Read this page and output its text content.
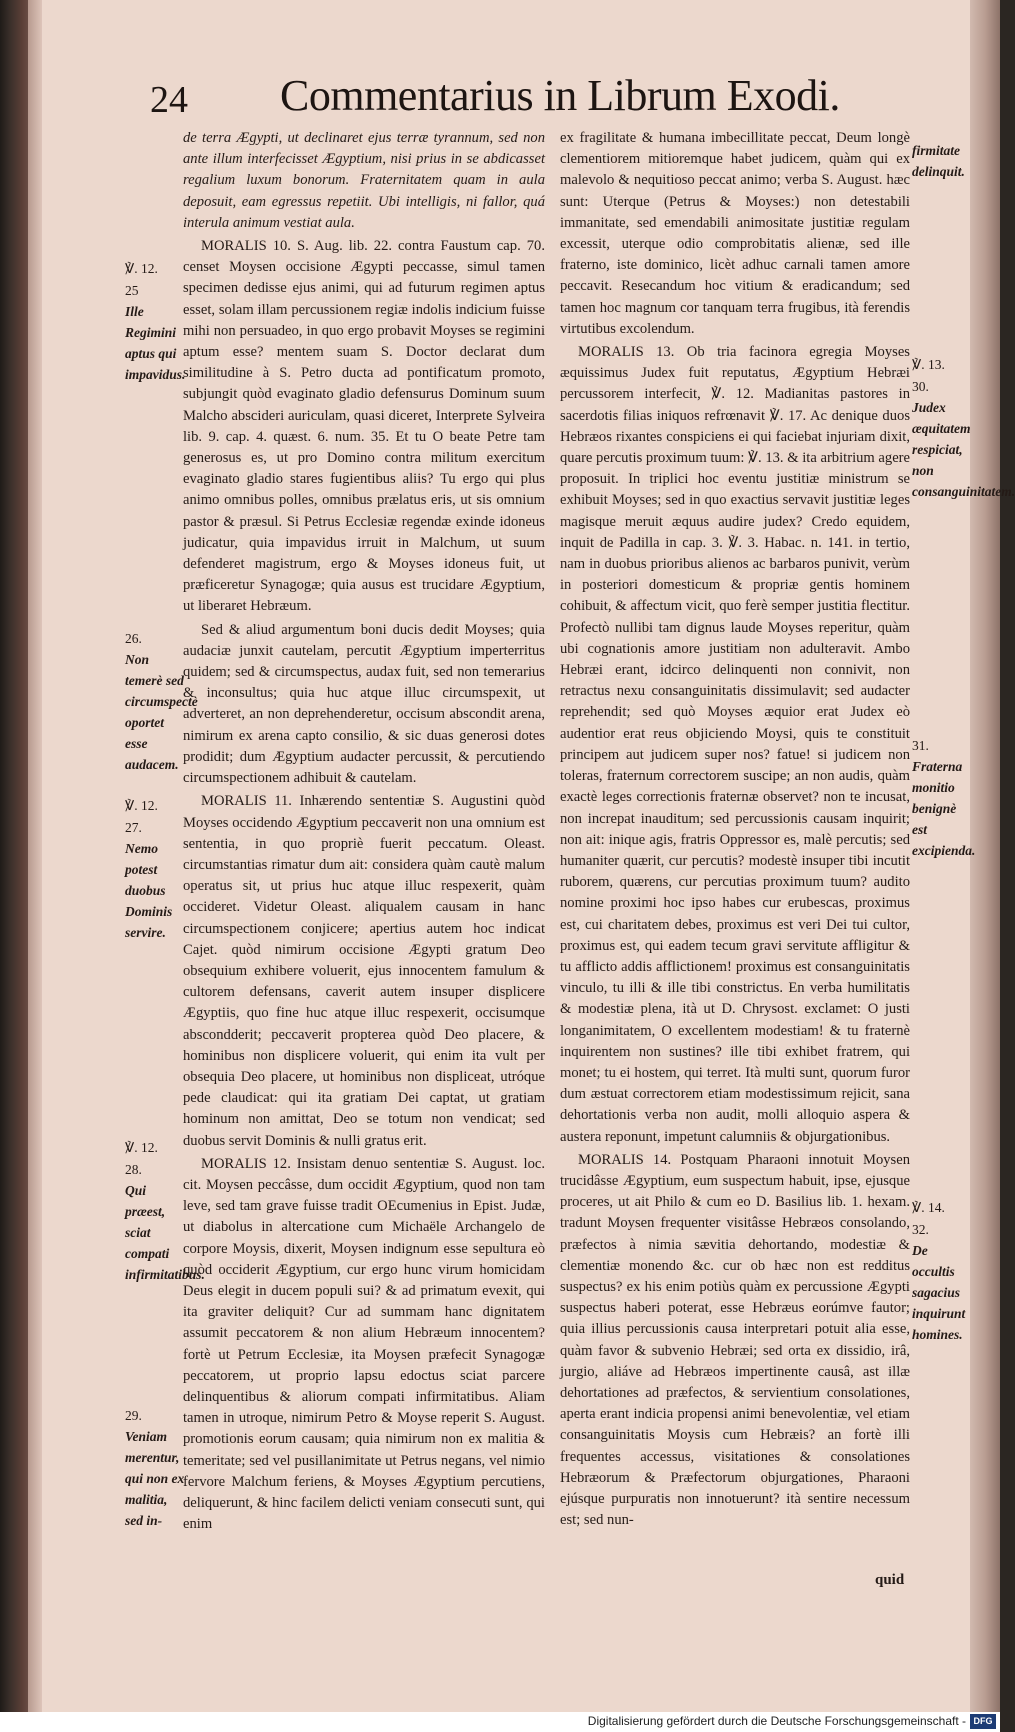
24 Commentarius in Librum Exodi.

de terra Ægypti, ut declinaret ejus terræ tyrannum, sed non ante illum interfecisset Ægyptium, nisi prius in se abdicasset regalium luxum bonorum. Fraternitatem quam in aula deposuit, eam egressus repetiit. Ubi intelligis, ni fallor, quá interula animum vestiat aula.

MORALIS 10. S. Aug. lib. 22. contra Faustum cap. 70. censet Moysen occisione Ægypti peccasse, simul tamen specimen dedisse ejus animi, qui ad futurum regimen aptus esset, solam illam percussionem regiæ indolis indicium fuisse mihi non persuadeo, in quo ergo probavit Moyses se regimini aptum esse? mentem suam S. Doctor declarat dum similitudine à S. Petro ducta ad pontificatum promoto, subjungit quòd evaginato gladio defensurus Dominum suum Malcho abscideri auriculam, quasi diceret, Interprete Sylveira lib. 9. cap. 4. quæst. 6. num. 35. Et tu O beate Petre tam generosus es, ut pro Domino contra militum exercitum evaginato gladio stares fugientibus aliis? Tu ergo qui plus animo omnibus polles, omnibus prælatus eris, ut sis omnium pastor & præsul. Si Petrus Ecclesiæ regendæ exinde idoneus judicatur, quia impavidus irruit in Malchum, ut suum defenderet magistrum, ergo & Moyses idoneus fuit, ut præficeretur Synagogæ; quia ausus est trucidare Ægyptium, ut liberaret Hebræum.

Sed & aliud argumentum boni ducis dedit Moyses; quia audaciæ junxit cautelam, percutit Ægyptium imperterritus quidem; sed & circumspectus, audax fuit, sed non temerarius & inconsultus; quia huc atque illuc circumspexit, ut adverteret, an non deprehenderetur, occisum abscondit arena, nimirum ex arena capto consilio, & sic duas generosi dotes prodidit; dum Ægyptium audacter percussit, & percutiendo circumspectionem adhibuit & cautelam.

MORALIS 11. Inhærendo sententiæ S. Augustini quòd Moyses occidendo Ægyptium peccaverit non una omnium est sententia, in quo propriè fuerit peccatum. Oleast. circumstantias rimatur dum ait: considera quàm cautè malum operatus sit, ut prius huc atque illuc respexerit, quàm occideret. Videtur Oleast. aliqualem causam in hanc circumspectionem conjicere; apertius autem hoc indicat Cajet. quòd nimirum occisione Ægypti gratum Deo obsequium exhibere voluerit, ejus innocentem famulum & cultorem defensans, caverit autem insuper displicere Ægyptiis, quo fine huc atque illuc respexerit, occisumque abscondderit; peccaverit propterea quòd Deo placere, & hominibus non displicere voluerit, qui enim ita vult per obsequia Deo placere, ut hominibus non displiceat, utróque pede claudicat: qui ita gratiam Dei captat, ut gratiam hominum non amittat, Deo se totum non vendicat; sed duobus servit Dominis & nulli gratus erit.

MORALIS 12. Insistam denuo sententiæ S. August. loc. cit. Moysen peccâsse, dum occidit Ægyptium, quod non tam leve, sed tam grave fuisse tradit OEcumenius in Epist. Judæ, ut diabolus in altercatione cum Michaële Archangelo de corpore Moysis, dixerit, Moysen indignum esse sepultura eò quòd occiderit Ægyptium, cur ergo hunc virum homicidam Deus elegit in ducem populi sui? & ad primatum evexit, qui ita graviter deliquit? Cur ad summam hanc dignitatem assumit peccatorem & non alium Hebræum innocentem? fortè ut Petrum Ecclesiæ, ita Moysen præfecit Synagogæ peccatorem, ut proprio lapsu edoctus sciat parcere delinquentibus & aliorum compati infirmitatibus. Aliam tamen in utroque, nimirum Petro & Moyse reperit S. August. promotionis eorum causam; quia nimirum non ex malitia & temeritate; sed vel pusillanimitate ut Petrus negans, vel nimio fervore Malchum feriens, & Moyses Ægyptium percutiens, deliquerunt, & hinc facilem delicti veniam consecuti sunt, qui enim

ex fragilitate & humana imbecillitate peccat, Deum longè clementiorem mitioremque habet judicem, quàm qui ex malevolo & nequitioso peccat animo; verba S. August. hæc sunt: Uterque (Petrus & Moyses:) non detestabili immanitate, sed emendabili animositate justitiæ regulam excessit, uterque odio comprobitatis alienæ, sed ille fraterno, iste dominico, licèt adhuc carnali tamen amore peccavit. Resecandum hoc vitium & eradicandum; sed tamen hoc magnum cor tanquam terra frugibus, ità ferendis virtutibus excolendum.

MORALIS 13. Ob tria facinora egregia Moyses æquissimus Judex fuit reputatus, Ægyptium Hebræi percussorem interfecit, ℣. 12. Madianitas pastores in sacerdotis filias iniquos refrœnavit ℣. 17. Ac denique duos Hebræos rixantes conspiciens ei qui faciebat injuriam dixit, quare percutis proximum tuum: ℣. 13. & ita arbitrium agere proposuit. In triplici hoc eventu justitiæ ministrum se exhibuit Moyses; sed in quo exactius servavit justitiæ leges magisque meruit æquus audire judex? Credo equidem, inquit de Padilla in cap. 3. ℣. 3. Habac. n. 141. in tertio, nam in duobus prioribus alienos ac barbaros punivit, verùm in posteriori domesticum & propriæ gentis hominem cohibuit, & affectum vicit, quo ferè semper justitia flectitur. Profectò nullibi tam dignus laude Moyses reperitur, quàm ubi cognationis amore justitiam non adulteravit. Ambo Hebræi erant, idcirco delinquenti non connivit, non retractus nexu consanguinitatis dissimulavit; sed audacter reprehendit; sed quò Moyses æquior erat Judex eò audentior erat reus objiciendo Moysi, quis te constituit principem aut judicem super nos? fatue! si judicem non toleras, fraternum correctorem suscipe; an non audis, quàm exactè leges correctionis fraternæ observet? non te incusat, non increpat inauditum; sed percussionis causam inquirit; non ait: inique agis, fratris Oppressor es, malè percutis; sed humaniter quærit, cur percutis? modestè insuper tibi incutit ruborem, quærens, cur percutias proximum tuum? audito nomine proximi hoc ipso habes cur erubescas, proximus est, cui charitatem debes, proximus est veri Dei tui cultor, proximus est, qui eadem tecum gravi servitute affligitur & tu afflicto addis afflictionem! proximus est consanguinitatis vinculo, tu illi & ille tibi constrictus. En verba humilitatis & modestiæ plena, ità ut D. Chrysost. exclamet: O justi longanimitatem, O excellentem modestiam! & tu fraternè inquirentem non sustines? ille tibi exhibet fratrem, qui monet; tu ei hostem, qui terret. Ità multi sunt, quorum furor dum æstuat correctorem etiam modestissimum rejicit, sana dehortationis verba non audit, molli alloquio aspera & austera reponunt, impetunt calumniis & objurgationibus.

MORALIS 14. Postquam Pharaoni innotuit Moysen trucidâsse Ægyptium, eum suspectum habuit, ipse, ejusque proceres, ut ait Philo & cum eo D. Basilius lib. 1. hexam. tradunt Moysen frequenter visitâsse Hebræos consolando, præfectos à nimia sævitia dehortando, modestiæ & clementiæ monendo &c. cur ob hæc non est redditus suspectus? ex his enim potiùs quàm ex percussione Ægypti suspectus haberi poterat, esse Hebræus eorúmve fautor; quia illius percussionis causa interpretari potuit alia esse, quàm favor & subvenio Hebræi; sed orta ex dissidio, irâ, jurgio, aliáve ad Hebræos impertinente causâ, ast illæ dehortationes ad præfectos, & servientium consolationes, aperta erant indicia propensi animi benevolentiæ, vel etiam consanguinitatis Moysis cum Hebræis? an fortè illi frequentes accessus, visitationes & consolationes Hebræorum & Præfectorum objurgationes, Pharaoni ejúsque purpuratis non innotuerunt? ità sentire necessum est; sed nun-

℣. 12.
25
Ille Regimini aptus qui impavidus.
26.
Non temerè sed circumspectè oportet esse audacem.
℣. 12.
27.
Nemo potest duobus Dominis servire.
℣. 12.
28.
Qui præest, sciat compati infirmitatibus.
29.
Veniam merentur, qui non ex malitia, sed in-
firmitate delinquit.
℣. 13.
30.
Judex æquitatem respiciat, non consanguinitatem.
31.
Fraterna monitio benignè est excipienda.
℣. 14.
32.
De occultis sagacius inquirunt homines.
quid
Digitalisierung gefördert durch die Deutsche Forschungsgemeinschaft - DFG
